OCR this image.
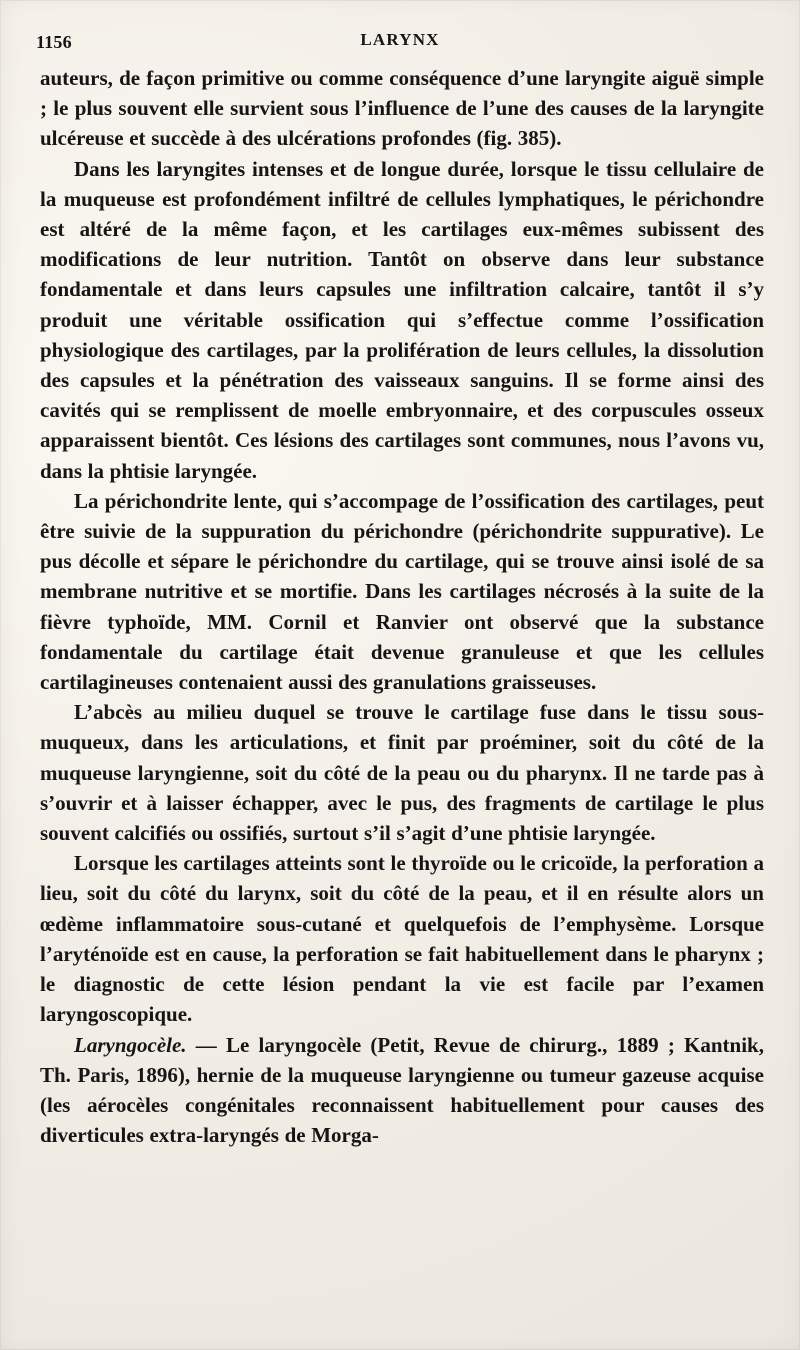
1156	LARYNX

auteurs, de façon primitive ou comme conséquence d’une laryngite aiguë simple ; le plus souvent elle survient sous l’influence de l’une des causes de la laryngite ulcéreuse et succède à des ulcérations profondes (fig. 385).

Dans les laryngites intenses et de longue durée, lorsque le tissu cellulaire de la muqueuse est profondément infiltré de cellules lymphatiques, le périchondre est altéré de la même façon, et les cartilages eux-mêmes subissent des modifications de leur nutrition. Tantôt on observe dans leur substance fondamentale et dans leurs capsules une infiltration calcaire, tantôt il s’y produit une véritable ossification qui s’effectue comme l’ossification physiologique des cartilages, par la prolifération de leurs cellules, la dissolution des capsules et la pénétration des vaisseaux sanguins. Il se forme ainsi des cavités qui se remplissent de moelle embryonnaire, et des corpuscules osseux apparaissent bientôt. Ces lésions des cartilages sont communes, nous l’avons vu, dans la phtisie laryngée.

La périchondrite lente, qui s’accompage de l’ossification des cartilages, peut être suivie de la suppuration du périchondre (périchondrite suppurative). Le pus décolle et sépare le périchondre du cartilage, qui se trouve ainsi isolé de sa membrane nutritive et se mortifie. Dans les cartilages nécrosés à la suite de la fièvre typhoïde, MM. Cornil et Ranvier ont observé que la substance fondamentale du cartilage était devenue granuleuse et que les cellules cartilagineuses contenaient aussi des granulations graisseuses.

L’abcès au milieu duquel se trouve le cartilage fuse dans le tissu sous-muqueux, dans les articulations, et finit par proéminer, soit du côté de la muqueuse laryngienne, soit du côté de la peau ou du pharynx. Il ne tarde pas à s’ouvrir et à laisser échapper, avec le pus, des fragments de cartilage le plus souvent calcifiés ou ossifiés, surtout s’il s’agit d’une phtisie laryngée.

Lorsque les cartilages atteints sont le thyroïde ou le cricoïde, la perforation a lieu, soit du côté du larynx, soit du côté de la peau, et il en résulte alors un œdème inflammatoire sous-cutané et quelquefois de l’emphysème. Lorsque l’aryténoïde est en cause, la perforation se fait habituellement dans le pharynx ; le diagnostic de cette lésion pendant la vie est facile par l’examen laryngoscopique.

Laryngocèle. — Le laryngocèle (Petit, Revue de chirurg., 1889 ; Kantnik, Th. Paris, 1896), hernie de la muqueuse laryngienne ou tumeur gazeuse acquise (les aérocèles congénitales reconnaissent habituellement pour causes des diverticules extra-laryngés de Morga-
